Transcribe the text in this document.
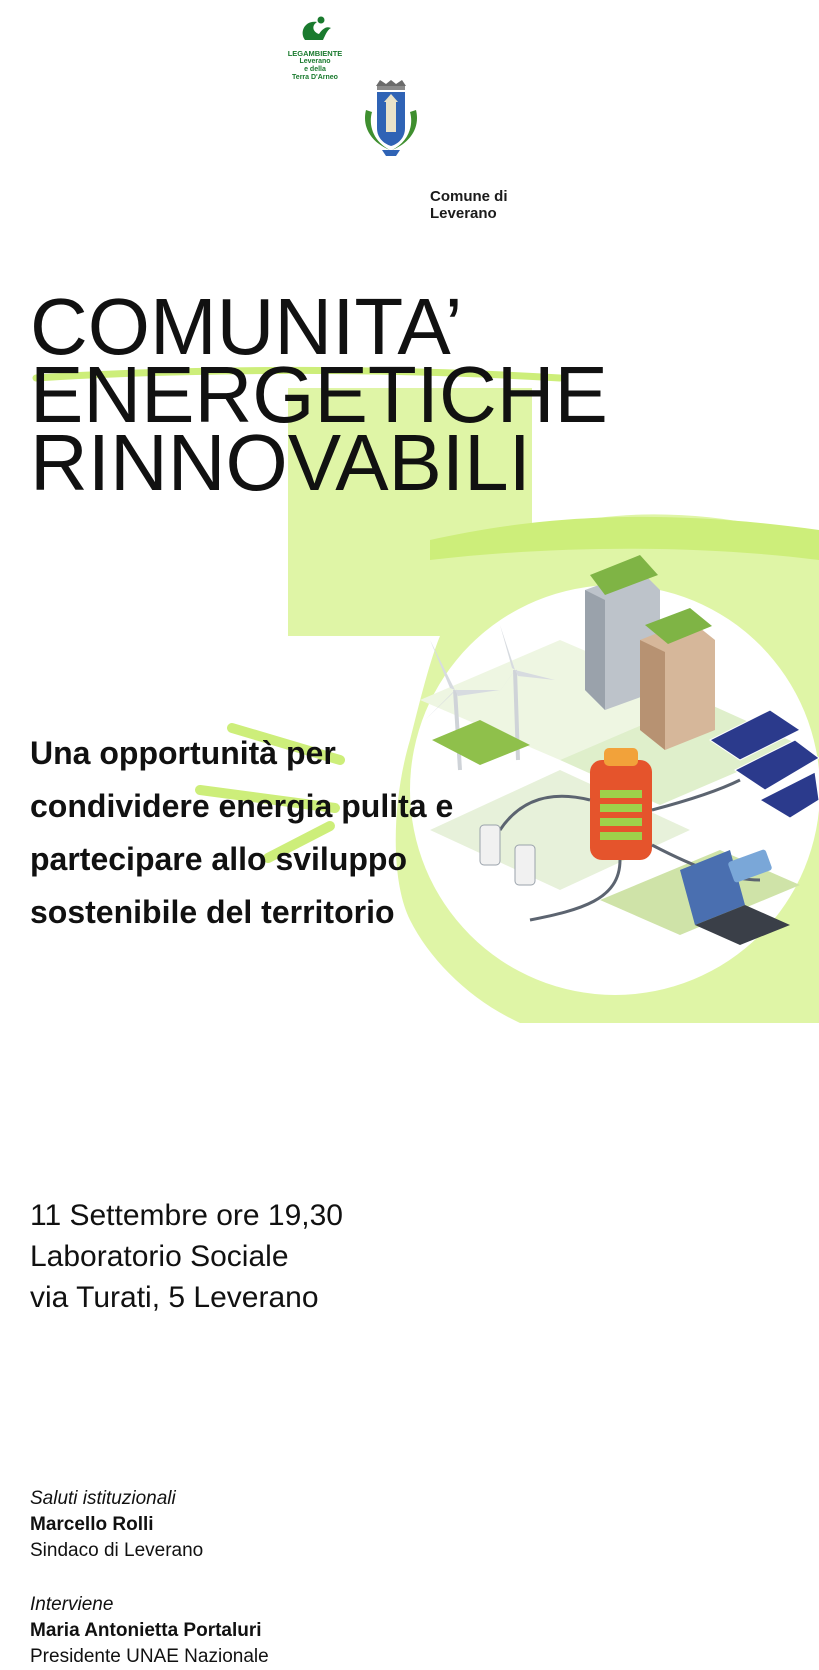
LEGAMBIENTE
Leverano
e della
Terra D'Arneo
Comune di
Leverano
COMUNITA’
ENERGETICHE
RINNOVABILI
Una opportunità per
condividere energia pulita e
partecipare allo sviluppo
sostenibile del territorio
11 Settembre ore 19,30
Laboratorio Sociale
via Turati, 5 Leverano
Saluti istituzionali
Marcello Rolli
Sindaco di Leverano
Interviene
Maria Antonietta Portaluri
Presidente UNAE Nazionale
